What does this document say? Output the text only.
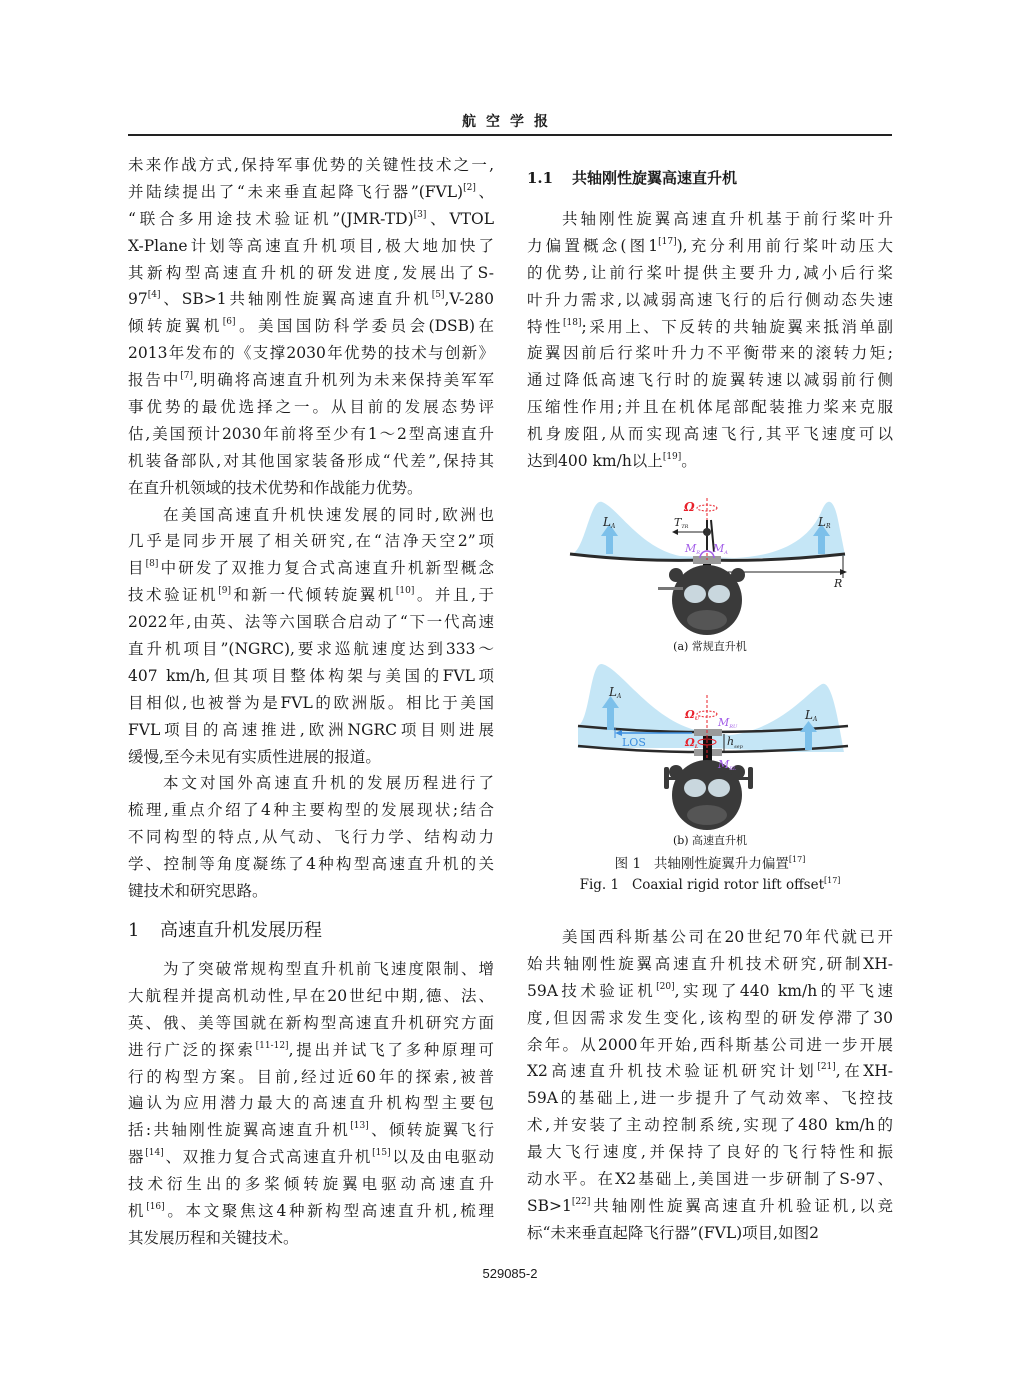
航空学报
未来作战方式,保持军事优势的关键性技术之一,
并陆续提出了“未来垂直起降飞行器”(FVL)[2]、
“联合多用途技术验证机”(JMR-TD)[3]、VTOL
X-Plane计划等高速直升机项目,极大地加快了
其新构型高速直升机的研发进度,发展出了S-
97[4]、SB>1共轴刚性旋翼高速直升机[5],V-280
倾转旋翼机[6]。美国国防科学委员会(DSB)在
2013年发布的《支撑2030年优势的技术与创新》
报告中[7],明确将高速直升机列为未来保持美军军
事优势的最优选择之一。从目前的发展态势评
估,美国预计2030年前将至少有1～2型高速直升
机装备部队,对其他国家装备形成“代差”,保持其
在直升机领域的技术优势和作战能力优势。
在美国高速直升机快速发展的同时,欧洲也
几乎是同步开展了相关研究,在“洁净天空2”项
目[8]中研发了双推力复合式高速直升机新型概念
技术验证机[9]和新一代倾转旋翼机[10]。并且,于
2022年,由英、法等六国联合启动了“下一代高速
直升机项目”(NGRC),要求巡航速度达到333～
407 km/h,但其项目整体构架与美国的FVL项
目相似,也被誉为是FVL的欧洲版。相比于美国
FVL项目的高速推进,欧洲NGRC项目则进展
缓慢,至今未见有实质性进展的报道。
本文对国外高速直升机的发展历程进行了
梳理,重点介绍了4种主要构型的发展现状;结合
不同构型的特点,从气动、飞行力学、结构动力
学、控制等角度凝练了4种构型高速直升机的关
键技术和研究思路。
1 高速直升机发展历程
为了突破常规构型直升机前飞速度限制、增
大航程并提高机动性,早在20世纪中期,德、法、
英、俄、美等国就在新构型高速直升机研究方面
进行广泛的探索[11-12],提出并试飞了多种原理可
行的构型方案。目前,经过近60年的探索,被普
遍认为应用潜力最大的高速直升机构型主要包
括:共轴刚性旋翼高速直升机[13]、倾转旋翼飞行
器[14]、双推力复合式高速直升机[15]以及由电驱动
技术衍生出的多桨倾转旋翼电驱动高速直升
机[16]。本文聚焦这4种新构型高速直升机,梳理
其发展历程和关键技术。
1.1 共轴刚性旋翼高速直升机
共轴刚性旋翼高速直升机基于前行桨叶升
力偏置概念(图1[17]),充分利用前行桨叶动压大
的优势,让前行桨叶提供主要升力,减小后行桨
叶升力需求,以减弱高速飞行的后行侧动态失速
特性[18];采用上、下反转的共轴旋翼来抵消单副
旋翼因前后行桨叶升力不平衡带来的滚转力矩;
通过降低高速飞行时的旋翼转速以减弱前行侧
压缩性作用;并且在机体尾部配装推力桨来克服
机身废阻,从而实现高速飞行,其平飞速度可以
达到400 km/h以上[19]。
LA	LR
TTR
MR MA
Ω
R
(a) 常规直升机
LA
LA
ΩU
ΩL
MRU
MRL
$h_{sep}$
LOS
(b) 高速直升机
图 1 共轴刚性旋翼升力偏置[17]
Fig. 1 Coaxial rigid rotor lift offset[17]
美国西科斯基公司在20世纪70年代就已开
始共轴刚性旋翼高速直升机技术研究,研制XH-
59A技术验证机[20],实现了440 km/h的平飞速
度,但因需求发生变化,该构型的研发停滞了30
余年。从2000年开始,西科斯基公司进一步开展
X2高速直升机技术验证机研究计划[21],在XH-
59A的基础上,进一步提升了气动效率、飞控技
术,并安装了主动控制系统,实现了480 km/h的
最大飞行速度,并保持了良好的飞行特性和振
动水平。在X2基础上,美国进一步研制了S-97、
SB>1[22]共轴刚性旋翼高速直升机验证机,以竞
标“未来垂直起降飞行器”(FVL)项目,如图2
529085-2
